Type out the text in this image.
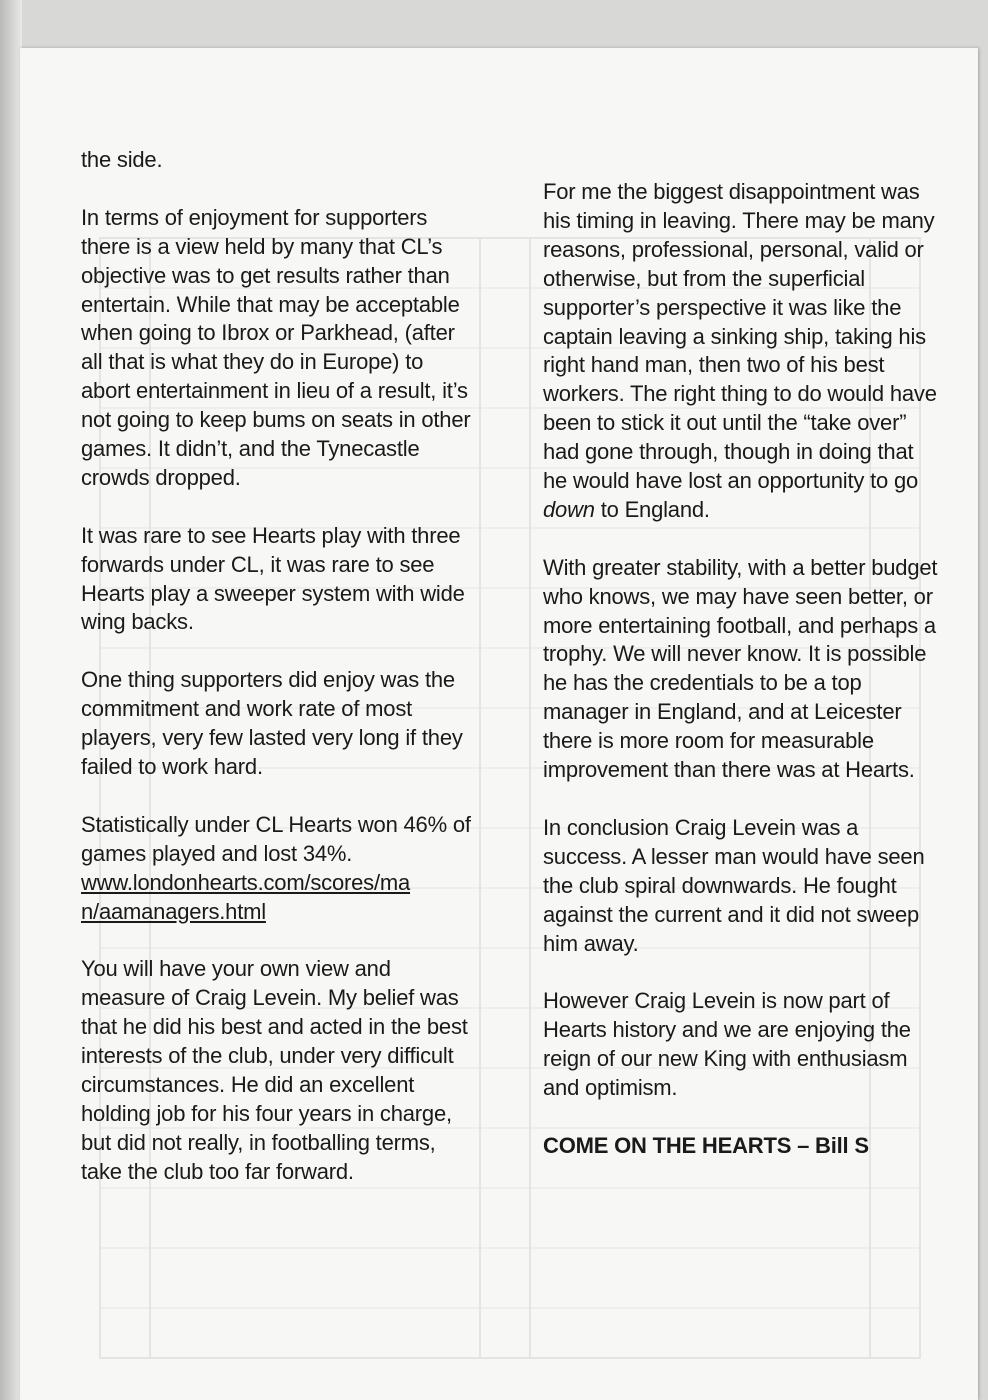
the side.

In terms of enjoyment for supporters there is a view held by many that CL’s objective was to get results rather than entertain. While that may be acceptable when going to Ibrox or Parkhead, (after all that is what they do in Europe) to abort entertainment in lieu of a result, it’s not going to keep bums on seats in other games. It didn’t, and the Tynecastle crowds dropped.

It was rare to see Hearts play with three forwards under CL, it was rare to see Hearts play a sweeper system with wide wing backs.

One thing supporters did enjoy was the commitment and work rate of most players, very few lasted very long if they failed to work hard.

Statistically under CL Hearts won 46% of games played and lost 34%.

www.londonhearts.com/scores/ma
n/aamanagers.html

You will have your own view and measure of Craig Levein. My belief was that he did his best and acted in the best interests of the club, under very difficult circumstances. He did an excellent holding job for his four years in charge, but did not really, in footballing terms, take the club too far forward.

For me the biggest disappointment was his timing in leaving. There may be many reasons, professional, personal, valid or otherwise, but from the superficial supporter’s perspective it was like the captain leaving a sinking ship, taking his right hand man, then two of his best workers. The right thing to do would have been to stick it out until the “take over” had gone through, though in doing that he would have lost an opportunity to go down to England.

With greater stability, with a better budget who knows, we may have seen better, or more entertaining football, and perhaps a trophy. We will never know. It is possible he has the credentials to be a top manager in England, and at Leicester there is more room for measurable improvement than there was at Hearts.

In conclusion Craig Levein was a success. A lesser man would have seen the club spiral downwards. He fought against the current and it did not sweep him away.

However Craig Levein is now part of Hearts history and we are enjoying the reign of our new King with enthusiasm and optimism.

COME ON THE HEARTS – Bill S
